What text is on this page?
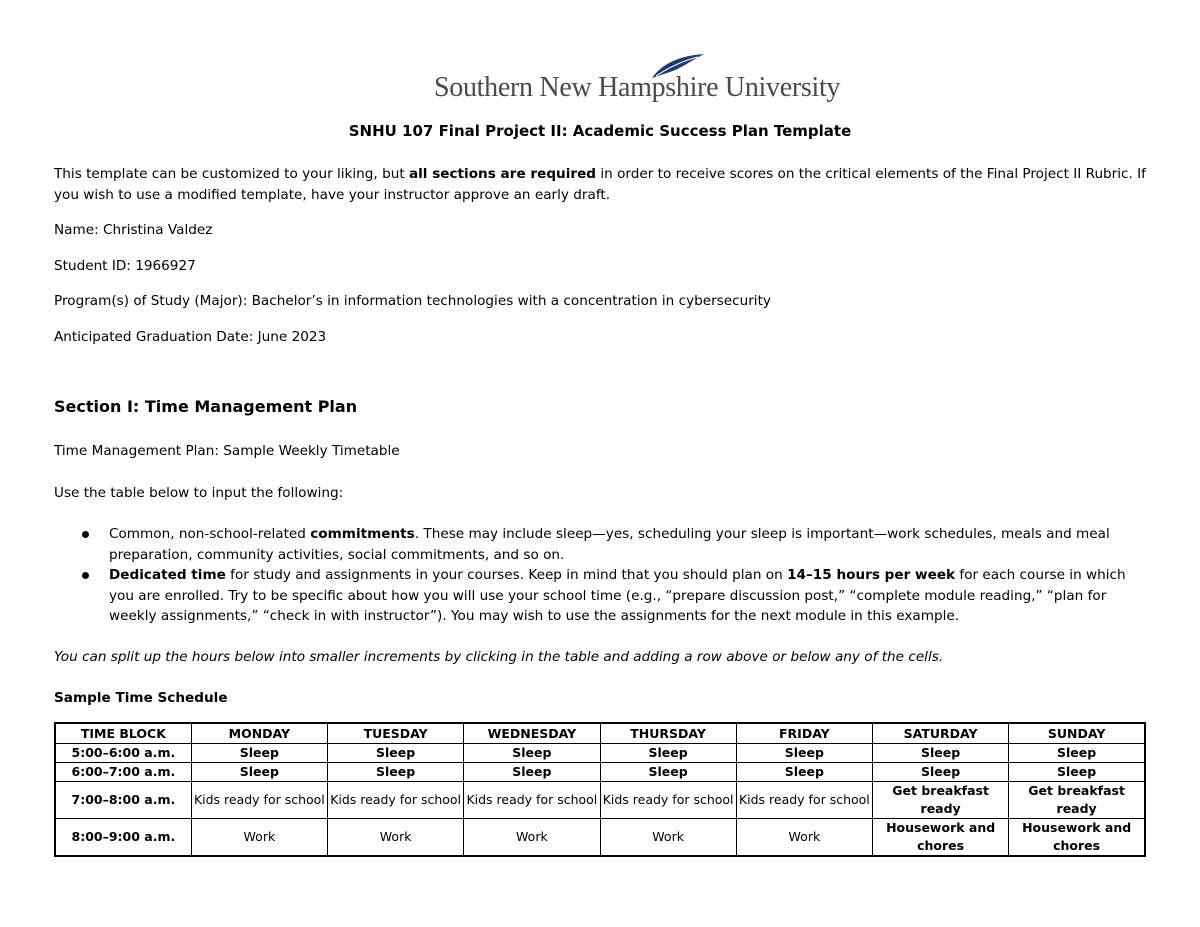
Southern New Hampshire University
SNHU 107 Final Project II: Academic Success Plan Template
This template can be customized to your liking, but all sections are required in order to receive scores on the critical elements of the Final Project II Rubric. If you wish to use a modified template, have your instructor approve an early draft.
Name: Christina Valdez
Student ID: 1966927
Program(s) of Study (Major): Bachelor’s in information technologies with a concentration in cybersecurity
Anticipated Graduation Date: June 2023
Section I: Time Management Plan
Time Management Plan: Sample Weekly Timetable
Use the table below to input the following:
Common, non-school-related commitments. These may include sleep—yes, scheduling your sleep is important—work schedules, meals and meal preparation, community activities, social commitments, and so on.
Dedicated time for study and assignments in your courses. Keep in mind that you should plan on 14–15 hours per week for each course in which you are enrolled. Try to be specific about how you will use your school time (e.g., “prepare discussion post,” “complete module reading,” “plan for weekly assignments,” “check in with instructor”). You may wish to use the assignments for the next module in this example.
You can split up the hours below into smaller increments by clicking in the table and adding a row above or below any of the cells.
Sample Time Schedule
TIME BLOCK	MONDAY	TUESDAY	WEDNESDAY	THURSDAY	FRIDAY	SATURDAY	SUNDAY
5:00–6:00 a.m.	Sleep	Sleep	Sleep	Sleep	Sleep	Sleep	Sleep
6:00–7:00 a.m.	Sleep	Sleep	Sleep	Sleep	Sleep	Sleep	Sleep
7:00–8:00 a.m.	Kids ready for school	Kids ready for school	Kids ready for school	Kids ready for school	Kids ready for school	Get breakfast ready	Get breakfast ready
8:00–9:00 a.m.	Work	Work	Work	Work	Work	Housework and chores	Housework and chores
